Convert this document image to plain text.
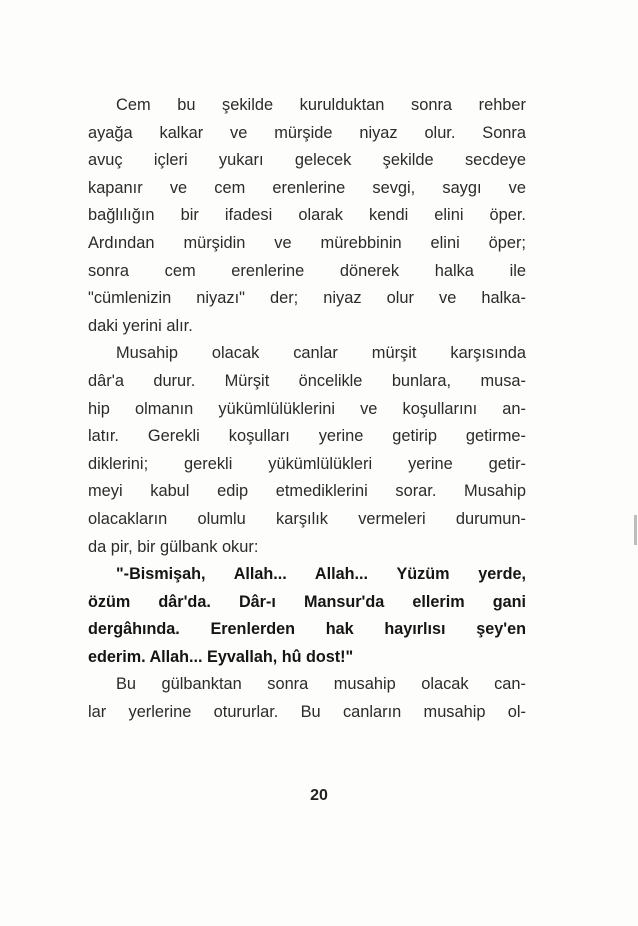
Cem bu şekilde kurulduktan sonra rehber
ayağa kalkar ve mürşide niyaz olur. Sonra
avuç içleri yukarı gelecek şekilde secdeye
kapanır ve cem erenlerine sevgi, saygı ve
bağlılığın bir ifadesi olarak kendi elini öper.
Ardından mürşidin ve mürebbinin elini öper;
sonra cem erenlerine dönerek halka ile
"cümlenizin niyazı" der; niyaz olur ve halka-
daki yerini alır.
Musahip olacak canlar mürşit karşısında
dâr'a durur. Mürşit öncelikle bunlara, musa-
hip olmanın yükümlülüklerini ve koşullarını an-
latır. Gerekli koşulları yerine getirip getirme-
diklerini; gerekli yükümlülükleri yerine getir-
meyi kabul edip etmediklerini sorar. Musahip
olacakların olumlu karşılık vermeleri durumun-
da pir, bir gülbank okur:
"-Bismişah, Allah... Allah... Yüzüm yerde,
özüm dâr'da. Dâr-ı Mansur'da ellerim gani
dergâhında. Erenlerden hak hayırlısı şey'en
ederim. Allah... Eyvallah, hû dost!"
Bu gülbanktan sonra musahip olacak can-
lar yerlerine otururlar. Bu canların musahip ol-
20
